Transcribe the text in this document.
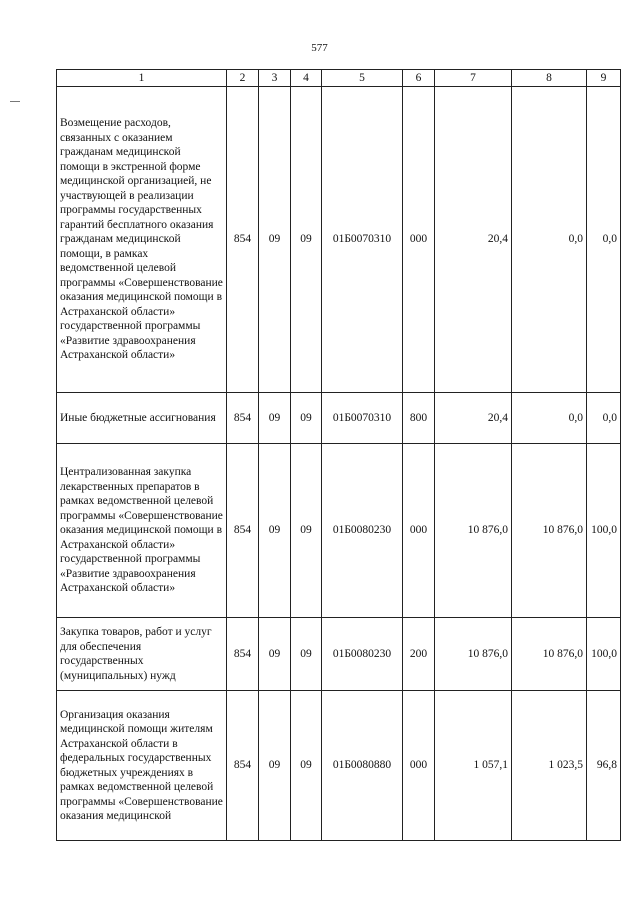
577
1	2	3	4	5	6	7	8	9
Возмещение расходов, связанных с оказанием гражданам медицинской помощи в экстренной форме медицинской организацией, не участвующей в реализации программы государственных гарантий бесплатного оказания гражданам медицинской помощи, в рамках ведомственной целевой программы «Совершенствование оказания медицинской помощи в Астраханской области» государственной программы «Развитие здравоохранения Астраханской области»	854	09	09	01Б0070310	000	20,4	0,0	0,0
Иные бюджетные ассигнования	854	09	09	01Б0070310	800	20,4	0,0	0,0
Централизованная закупка лекарственных препаратов в рамках ведомственной целевой программы «Совершенствование оказания медицинской помощи в Астраханской области» государственной программы «Развитие здравоохранения Астраханской области»	854	09	09	01Б0080230	000	10 876,0	10 876,0	100,0
Закупка товаров, работ и услуг для обеспечения государственных (муниципальных) нужд	854	09	09	01Б0080230	200	10 876,0	10 876,0	100,0
Организация оказания медицинской помощи жителям Астраханской области в федеральных государственных бюджетных учреждениях в рамках ведомственной целевой программы «Совершенствование оказания медицинской	854	09	09	01Б0080880	000	1 057,1	1 023,5	96,8
